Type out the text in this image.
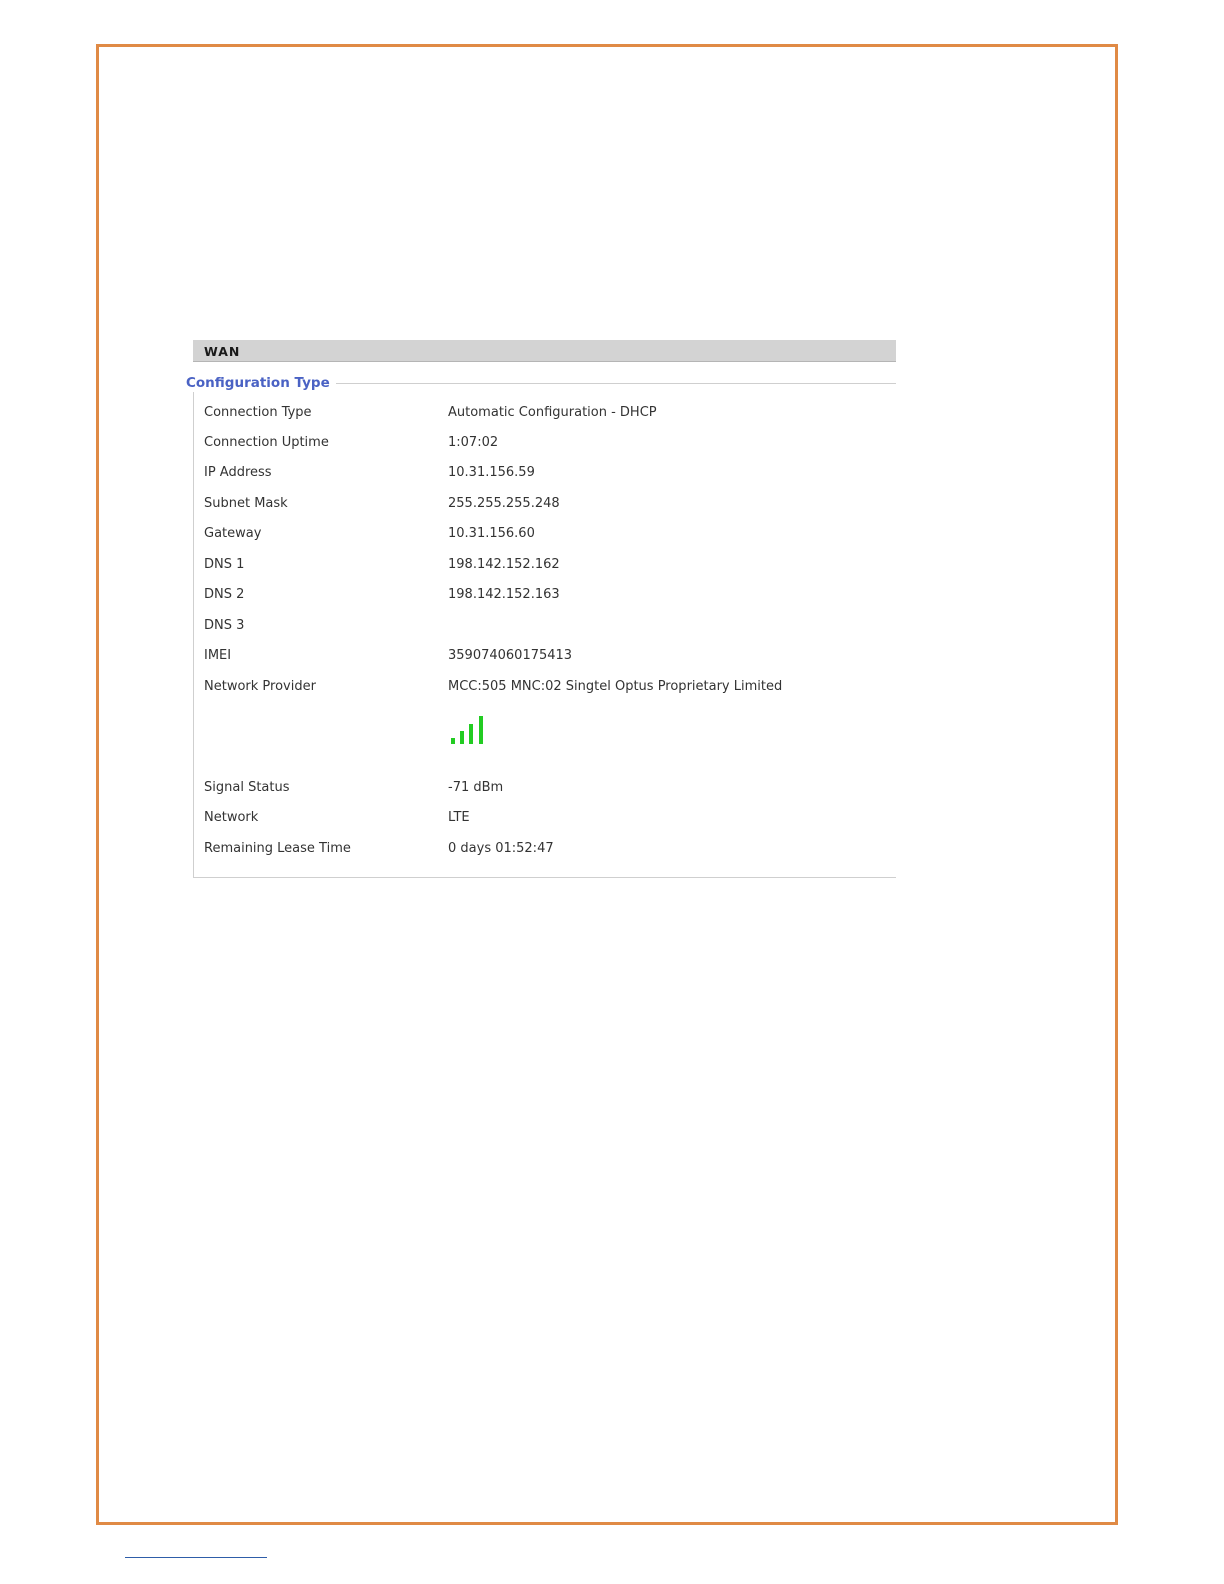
WAN
Configuration Type
Connection Type	Automatic Configuration - DHCP
Connection Uptime	1:07:02
IP Address	10.31.156.59
Subnet Mask	255.255.255.248
Gateway	10.31.156.60
DNS 1	198.142.152.162
DNS 2	198.142.152.163
DNS 3
IMEI	359074060175413
Network Provider	MCC:505 MNC:02 Singtel Optus Proprietary Limited
Signal Status	-71 dBm
Network	LTE
Remaining Lease Time	0 days 01:52:47
